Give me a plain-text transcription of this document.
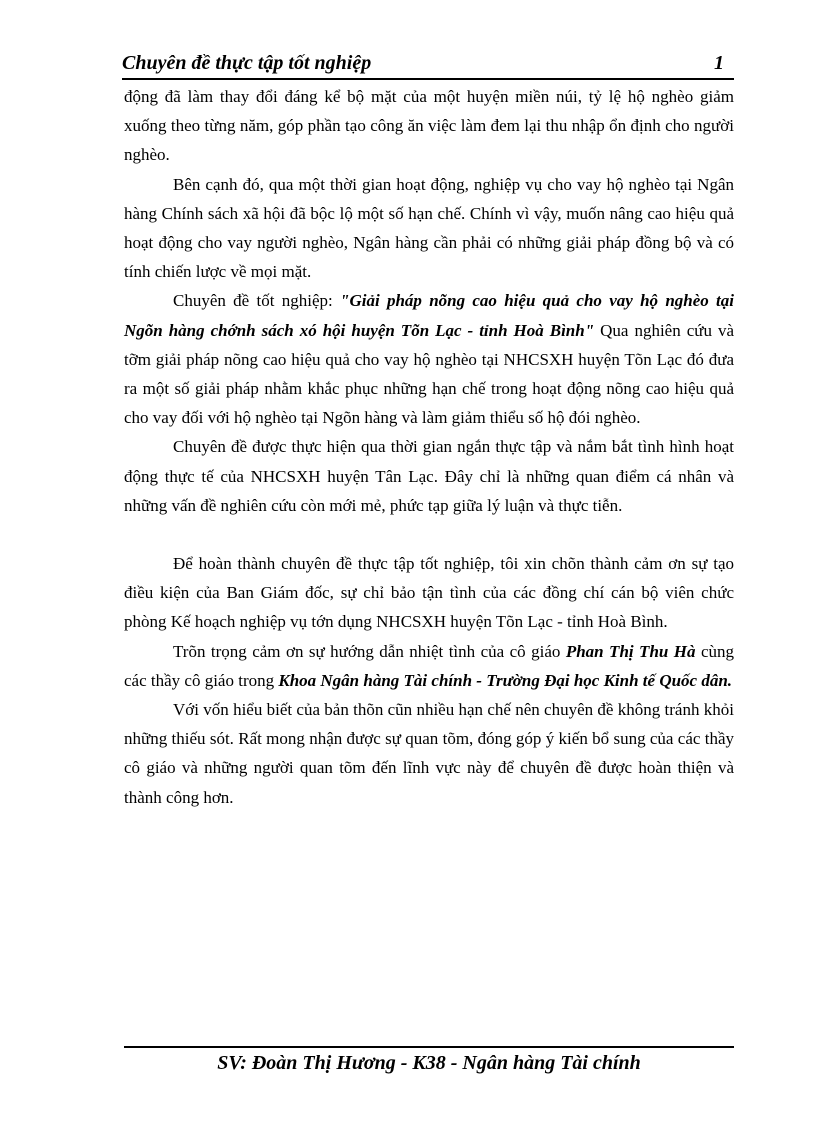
Chuyên đề thực tập tốt nghiệp	1

động đã làm thay đổi đáng kể bộ mặt của một huyện miền núi, tỷ lệ hộ nghèo giảm xuống theo từng năm, góp phần tạo công ăn việc làm đem lại thu nhập ổn định cho người nghèo.

Bên cạnh đó, qua một thời gian hoạt động, nghiệp vụ cho vay hộ nghèo tại Ngân hàng Chính sách xã hội đã bộc lộ một số hạn chế. Chính vì vậy, muốn nâng cao hiệu quả hoạt động cho vay người nghèo, Ngân hàng cần phải có những giải pháp đồng bộ và có tính chiến lược về mọi mặt.

Chuyên đề tốt nghiệp: "Giải pháp nõng cao hiệu quả cho vay hộ nghèo tại Ngõn hàng chớnh sách xó hội huyện Tõn Lạc - tỉnh Hoà Bình" Qua nghiên cứu và tỡm giải pháp nõng cao hiệu quả cho vay hộ nghèo tại NHCSXH huyện Tõn Lạc đó đưa ra một số giải pháp nhằm khắc phục những hạn chế trong hoạt động nõng cao hiệu quả cho vay đối với hộ nghèo tại Ngõn hàng và làm giảm thiểu số hộ đói nghèo.

Chuyên đề được thực hiện qua thời gian ngắn thực tập và nắm bắt tình hình hoạt động thực tế của NHCSXH huyện Tân Lạc. Đây chỉ là những quan điểm cá nhân và những vấn đề nghiên cứu còn mới mẻ, phức tạp giữa lý luận và thực tiễn.

Để hoàn thành chuyên đề thực tập tốt nghiệp, tôi xin chõn thành cảm ơn sự tạo điều kiện của Ban Giám đốc, sự chỉ bảo tận tình của các đồng chí cán bộ viên chức phòng Kế hoạch nghiệp vụ tớn dụng NHCSXH huyện Tõn Lạc - tỉnh Hoà Bình.

Trõn trọng cảm ơn sự hướng dẫn nhiệt tình của cô giáo Phan Thị Thu Hà cùng các thầy cô giáo trong Khoa Ngân hàng Tài chính - Trường Đại học Kinh tế Quốc dân.

Với vốn hiểu biết của bản thõn cũn nhiều hạn chế nên chuyên đề không tránh khỏi những thiếu sót. Rất mong nhận được sự quan tõm, đóng góp ý kiến bổ sung của các thầy cô giáo và những người quan tõm đến lĩnh vực này để chuyên đề được hoàn thiện và thành công hơn.

SV: Đoàn Thị Hương - K38 - Ngân hàng Tài chính
